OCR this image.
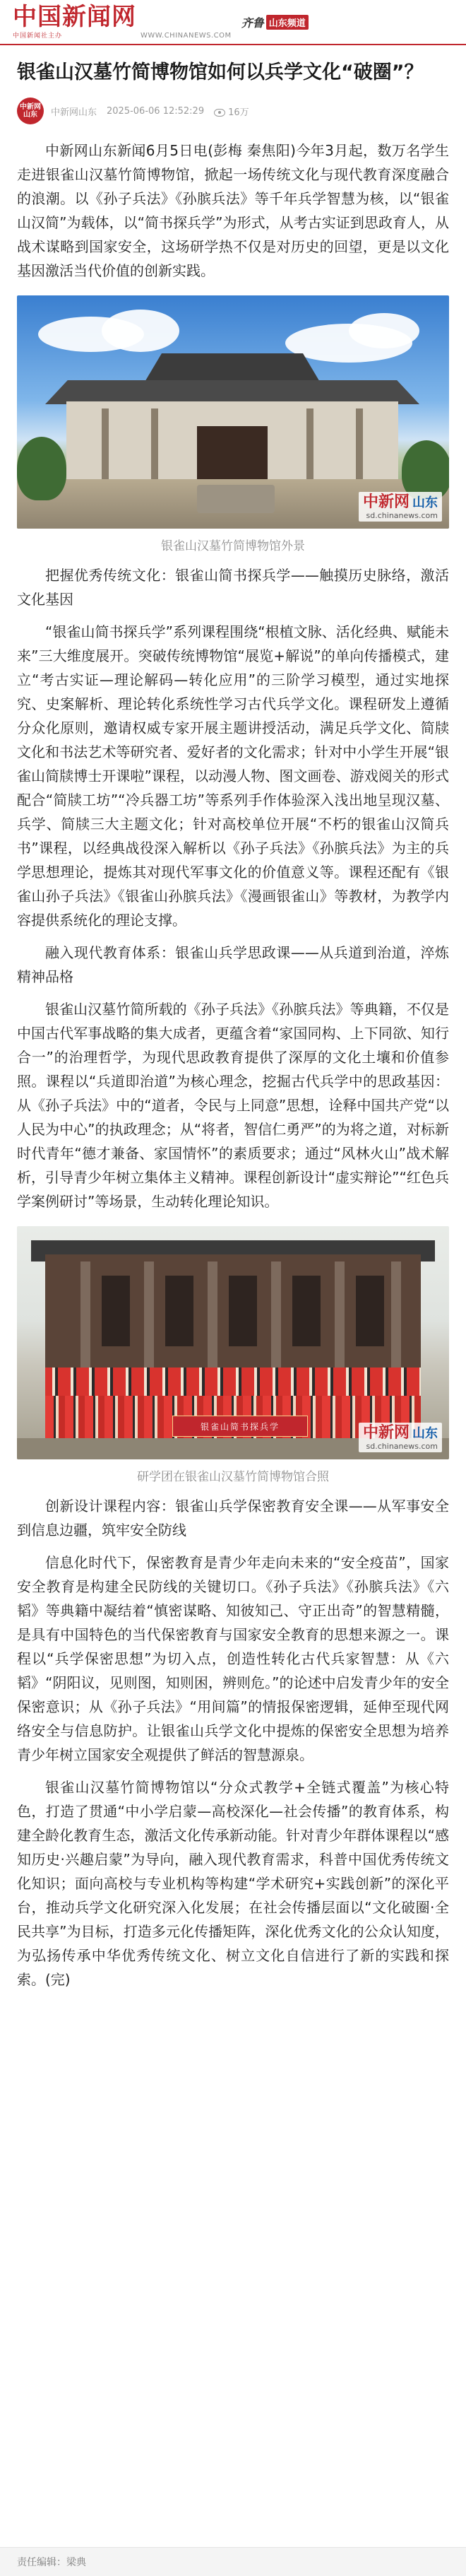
中国新闻网
中国新闻社主办	WWW.CHINANEWS.COM
齐鲁 山东频道
银雀山汉墓竹简博物馆如何以兵学文化“破圈”？
中新网山东	中新网山东 2025-06-06 12:52:29	16万

中新网山东新闻6月5日电(彭梅 秦焦阳)今年3月起，数万名学生走进银雀山汉墓竹简博物馆，掀起一场传统文化与现代教育深度融合的浪潮。以《孙子兵法》《孙膑兵法》等千年兵学智慧为核，以“银雀山汉简”为载体，以“简书探兵学”为形式，从考古实证到思政育人，从战术谋略到国家安全，这场研学热不仅是对历史的回望，更是以文化基因激活当代价值的创新实践。

中新网 山东
sd.chinanews.com
银雀山汉墓竹简博物馆外景

把握优秀传统文化：银雀山简书探兵学——触摸历史脉络，激活文化基因

“银雀山简书探兵学”系列课程围绕“根植文脉、活化经典、赋能未来”三大维度展开。突破传统博物馆“展览+解说”的单向传播模式，建立“考古实证—理论解码—转化应用”的三阶学习模型，通过实地探究、史案解析、理论转化系统性学习古代兵学文化。课程研发上遵循分众化原则，邀请权威专家开展主题讲授活动，满足兵学文化、简牍文化和书法艺术等研究者、爱好者的文化需求；针对中小学生开展“银雀山简牍博士开课啦”课程，以动漫人物、图文画卷、游戏阅关的形式配合“简牍工坊”“冷兵器工坊”等系列手作体验深入浅出地呈现汉墓、兵学、简牍三大主题文化；针对高校单位开展“不朽的银雀山汉简兵书”课程，以经典战役深入解析以《孙子兵法》《孙膑兵法》为主的兵学思想理论，提炼其对现代军事文化的价值意义等。课程还配有《银雀山孙子兵法》《银雀山孙膑兵法》《漫画银雀山》等教材，为教学内容提供系统化的理论支撑。

融入现代教育体系：银雀山兵学思政课——从兵道到治道，淬炼精神品格

银雀山汉墓竹简所载的《孙子兵法》《孙膑兵法》等典籍，不仅是中国古代军事战略的集大成者，更蕴含着“家国同构、上下同欲、知行合一”的治理哲学，为现代思政教育提供了深厚的文化土壤和价值参照。课程以“兵道即治道”为核心理念，挖掘古代兵学中的思政基因：从《孙子兵法》中的“道者，令民与上同意”思想，诠释中国共产党“以人民为中心”的执政理念；从“将者，智信仁勇严”的为将之道，对标新时代青年“德才兼备、家国情怀”的素质要求；通过“风林火山”战术解析，引导青少年树立集体主义精神。课程创新设计“虚实辩论”“红色兵学案例研讨”等场景，生动转化理论知识。

银雀山简书探兵学	中新网 山东
sd.chinanews.com
研学团在银雀山汉墓竹简博物馆合照

创新设计课程内容：银雀山兵学保密教育安全课——从军事安全到信息边疆，筑牢安全防线

信息化时代下，保密教育是青少年走向未来的“安全疫苗”，国家安全教育是构建全民防线的关键切口。《孙子兵法》《孙膑兵法》《六韬》等典籍中凝结着“慎密谋略、知彼知己、守正出奇”的智慧精髓，是具有中国特色的当代保密教育与国家安全教育的思想来源之一。课程以“兵学保密思想”为切入点，创造性转化古代兵家智慧：从《六韬》“阴阳议，见则图，知则困，辨则危。”的论述中启发青少年的安全保密意识；从《孙子兵法》“用间篇”的情报保密逻辑，延伸至现代网络安全与信息防护。让银雀山兵学文化中提炼的保密安全思想为培养青少年树立国家安全观提供了鲜活的智慧源泉。

银雀山汉墓竹简博物馆以“分众式教学+全链式覆盖”为核心特色，打造了贯通“中小学启蒙—高校深化—社会传播”的教育体系，构建全龄化教育生态，激活文化传承新动能。针对青少年群体课程以“感知历史·兴趣启蒙”为导向，融入现代教育需求，科普中国优秀传统文化知识；面向高校与专业机构等构建“学术研究+实践创新”的深化平台，推动兵学文化研究深入化发展；在社会传播层面以“文化破圈·全民共享”为目标，打造多元化传播矩阵，深化优秀文化的公众认知度，为弘扬传承中华优秀传统文化、树立文化自信进行了新的实践和探索。(完)

责任编辑：梁典
